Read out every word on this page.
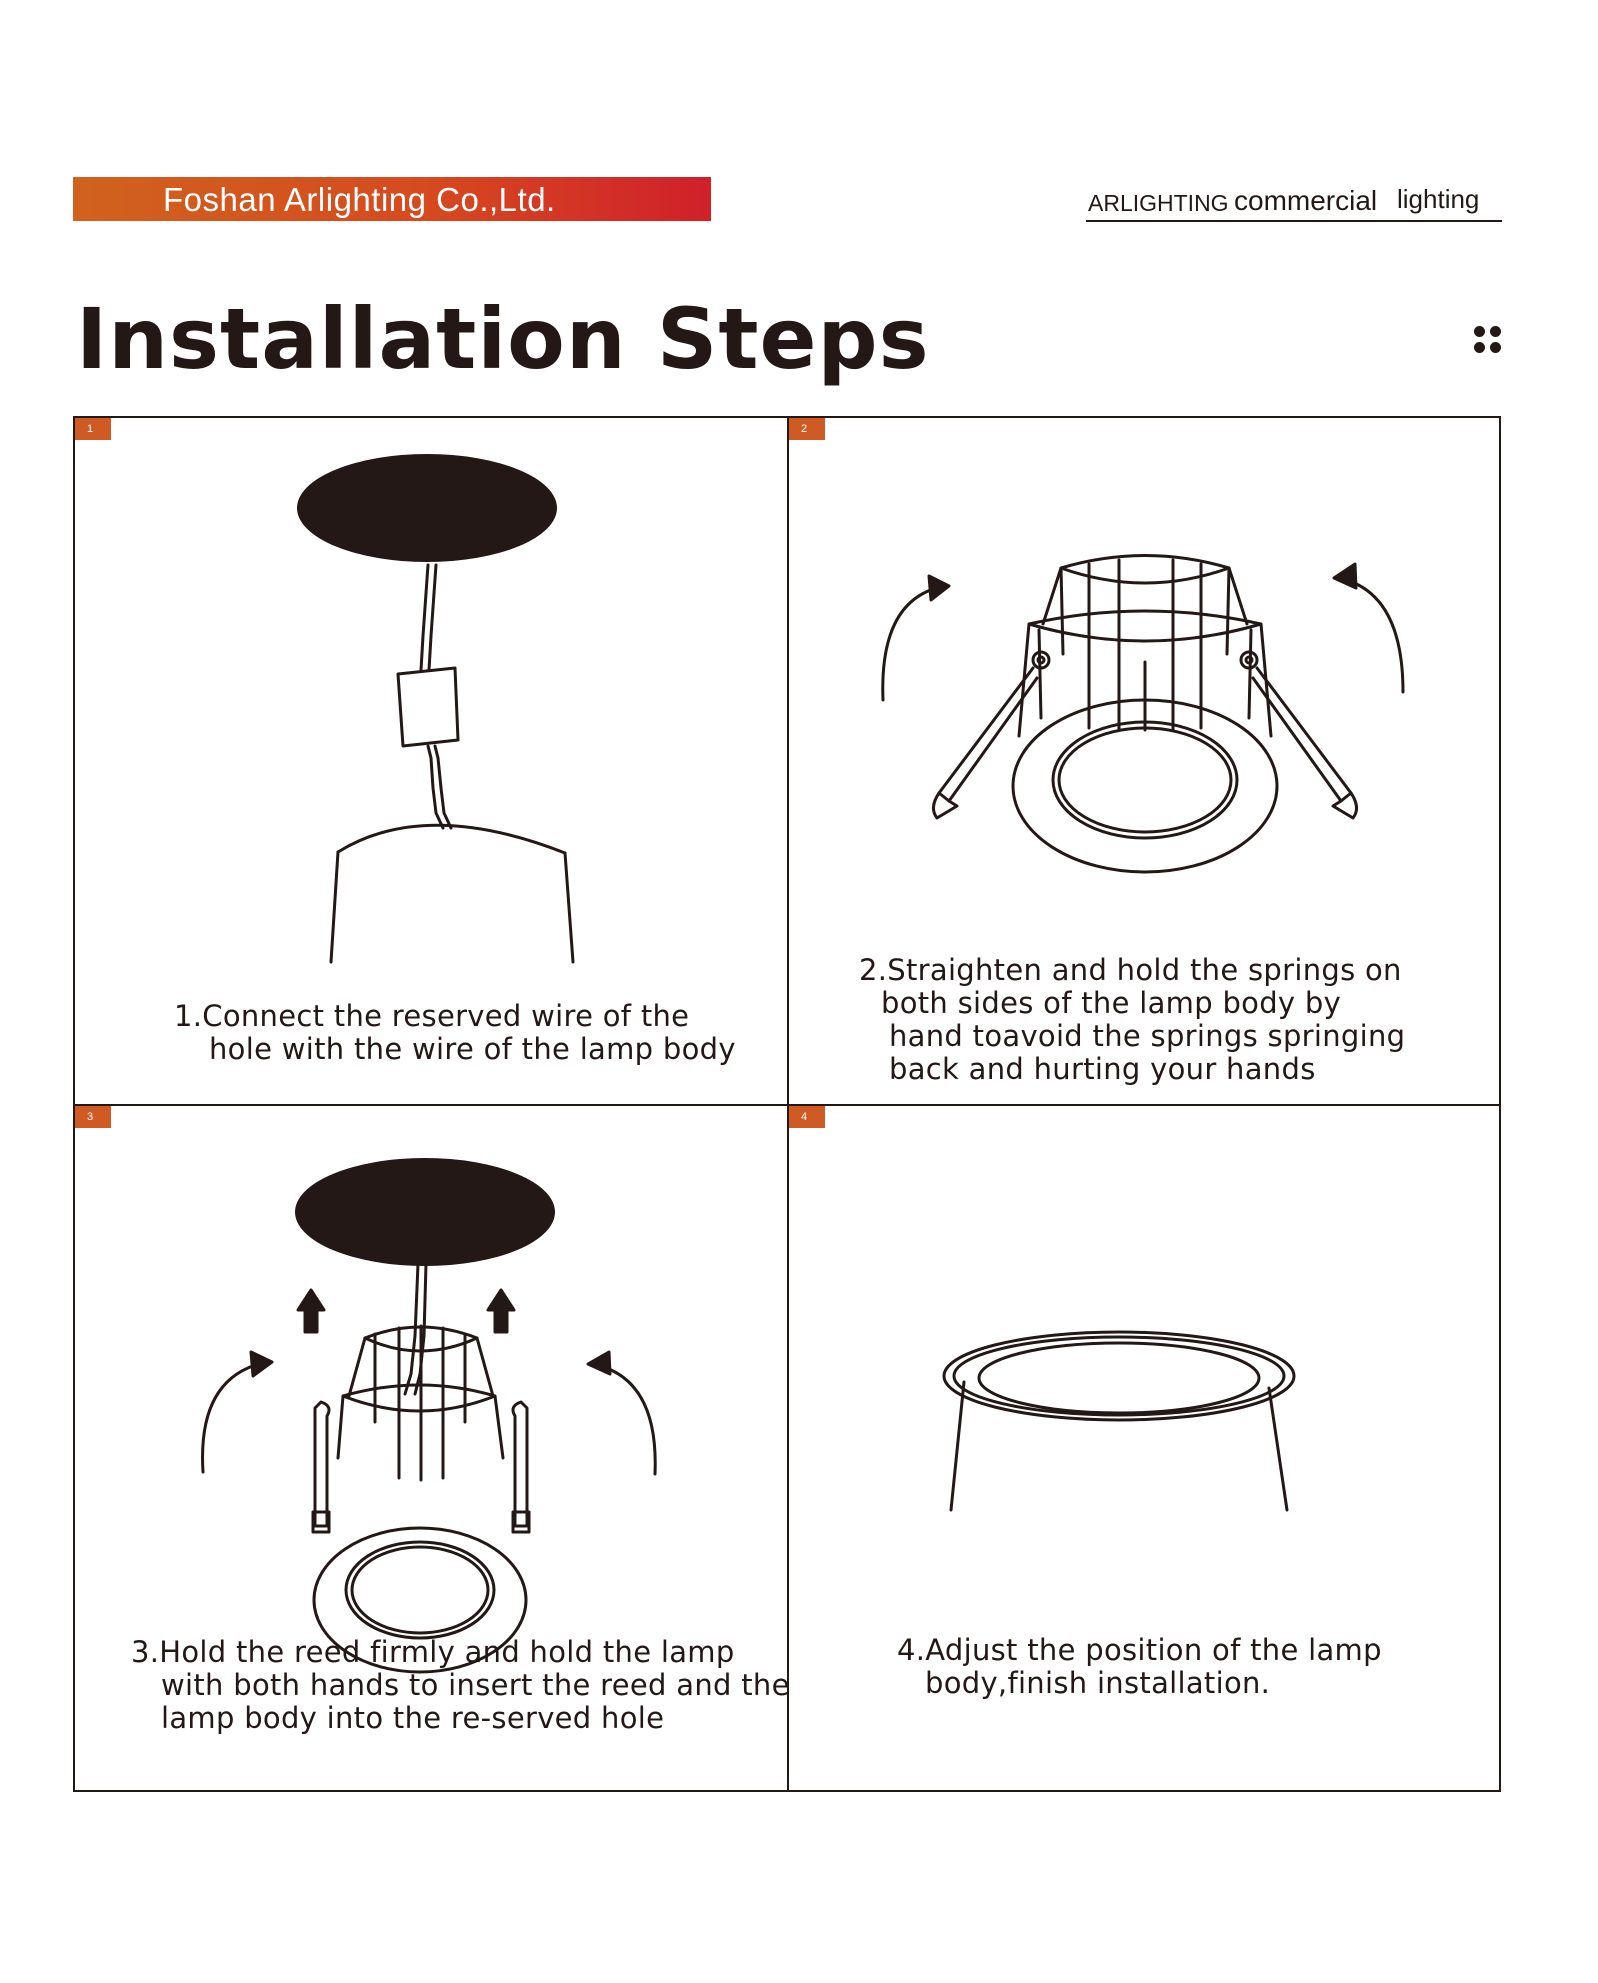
Foshan Arlighting Co.,Ltd.	ARLIGHTING commercial lighting
Installation Steps
1
1.Connect the reserved wire of the
hole with the wire of the lamp body
2
2.Straighten and hold the springs on
both sides of the lamp body by
hand toavoid the springs springing
back and hurting your hands
3
3.Hold the reed firmly and hold the lamp
with both hands to insert the reed and the
lamp body into the re-served hole
4
4.Adjust the position of the lamp
body,finish installation.
